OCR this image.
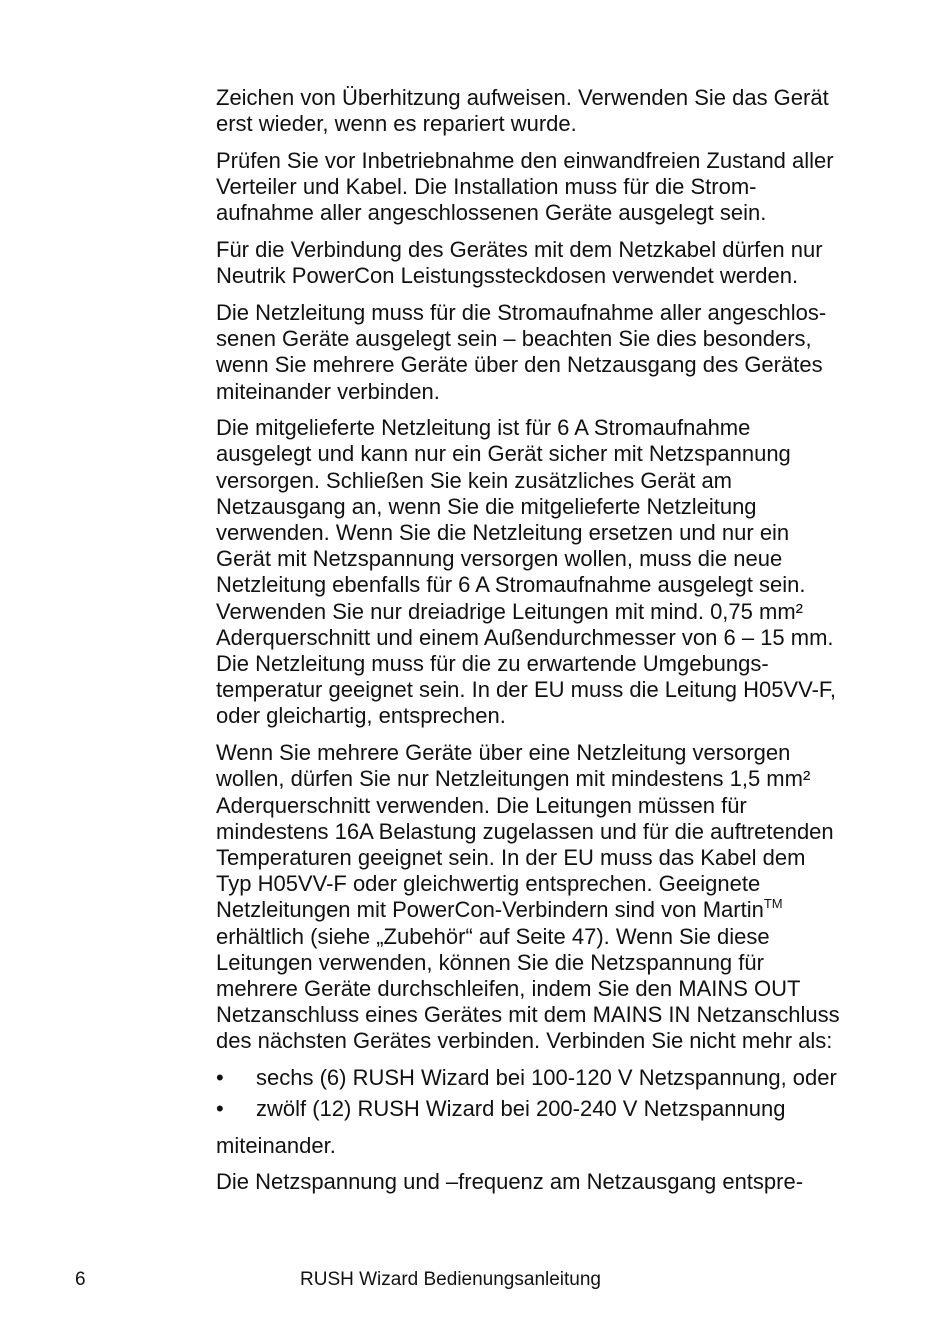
Zeichen von Überhitzung aufweisen. Verwenden Sie das Gerät
erst wieder, wenn es repariert wurde.
Prüfen Sie vor Inbetriebnahme den einwandfreien Zustand aller
Verteiler und Kabel. Die Installation muss für die Strom-
aufnahme aller angeschlossenen Geräte ausgelegt sein.
Für die Verbindung des Gerätes mit dem Netzkabel dürfen nur
Neutrik PowerCon Leistungssteckdosen verwendet werden.
Die Netzleitung muss für die Stromaufnahme aller angeschlos-
senen Geräte ausgelegt sein – beachten Sie dies besonders,
wenn Sie mehrere Geräte über den Netzausgang des Gerätes
miteinander verbinden.
Die mitgelieferte Netzleitung ist für 6 A Stromaufnahme
ausgelegt und kann nur ein Gerät sicher mit Netzspannung
versorgen. Schließen Sie kein zusätzliches Gerät am
Netzausgang an, wenn Sie die mitgelieferte Netzleitung
verwenden. Wenn Sie die Netzleitung ersetzen und nur ein
Gerät mit Netzspannung versorgen wollen, muss die neue
Netzleitung ebenfalls für 6 A Stromaufnahme ausgelegt sein.
Verwenden Sie nur dreiadrige Leitungen mit mind. 0,75 mm²
Aderquerschnitt und einem Außendurchmesser von 6 – 15 mm.
Die Netzleitung muss für die zu erwartende Umgebungs-
temperatur geeignet sein. In der EU muss die Leitung H05VV-F,
oder gleichartig, entsprechen.
Wenn Sie mehrere Geräte über eine Netzleitung versorgen
wollen, dürfen Sie nur Netzleitungen mit mindestens 1,5 mm²
Aderquerschnitt verwenden. Die Leitungen müssen für
mindestens 16A Belastung zugelassen und für die auftretenden
Temperaturen geeignet sein. In der EU muss das Kabel dem
Typ H05VV-F oder gleichwertig entsprechen. Geeignete
Netzleitungen mit PowerCon-Verbindern sind von Martin™
erhältlich (siehe „Zubehör“ auf Seite 47). Wenn Sie diese
Leitungen verwenden, können Sie die Netzspannung für
mehrere Geräte durchschleifen, indem Sie den MAINS OUT
Netzanschluss eines Gerätes mit dem MAINS IN Netzanschluss
des nächsten Gerätes verbinden. Verbinden Sie nicht mehr als:
• sechs (6) RUSH Wizard bei 100-120 V Netzspannung, oder
• zwölf (12) RUSH Wizard bei 200-240 V Netzspannung
miteinander.
Die Netzspannung und –frequenz am Netzausgang entspre-
6	RUSH Wizard Bedienungsanleitung
